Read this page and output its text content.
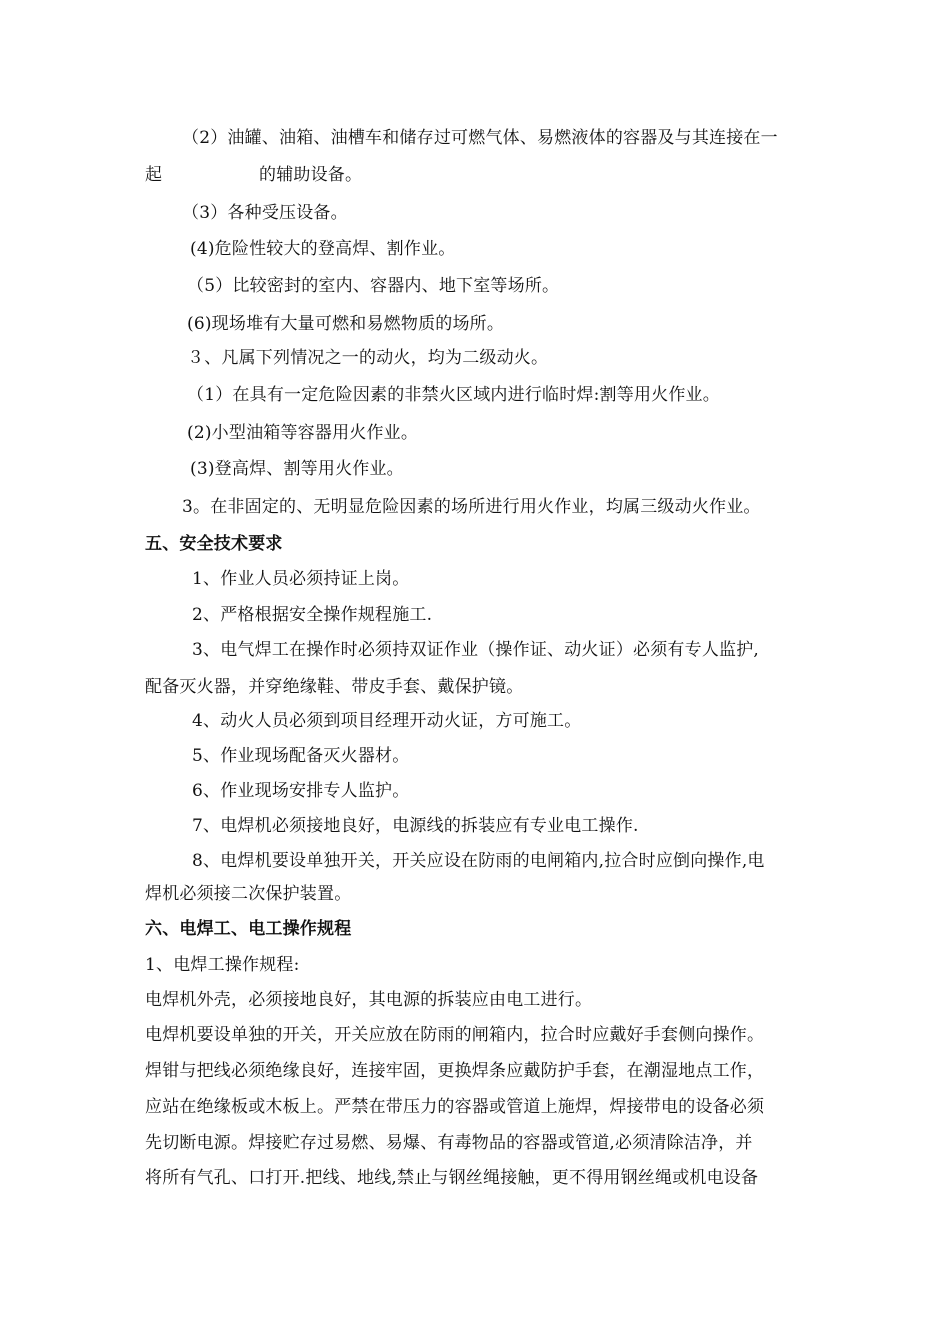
（2）油罐、油箱、油槽车和储存过可燃气体、易燃液体的容器及与其连接在一
起	的辅助设备。
（3）各种受压设备。
(4)危险性较大的登高焊、割作业。
（5）比较密封的室内、容器内、地下室等场所。
(6)现场堆有大量可燃和易燃物质的场所。
３、凡属下列情况之一的动火，均为二级动火。
（1）在具有一定危险因素的非禁火区域内进行临时焊:割等用火作业。
(2)小型油箱等容器用火作业。
(3)登高焊、割等用火作业。
3。在非固定的、无明显危险因素的场所进行用火作业，均属三级动火作业。
五、安全技术要求
1、作业人员必须持证上岗。
2、严格根据安全操作规程施工.
3、电气焊工在操作时必须持双证作业（操作证、动火证）必须有专人监护,
配备灭火器，并穿绝缘鞋、带皮手套、戴保护镜。
4、动火人员必须到项目经理开动火证，方可施工。
5、作业现场配备灭火器材。
6、作业现场安排专人监护。
7、电焊机必须接地良好，电源线的拆装应有专业电工操作.
8、电焊机要设单独开关，开关应设在防雨的电闸箱内,拉合时应倒向操作,电
焊机必须接二次保护装置。
六、电焊工、电工操作规程
1、电焊工操作规程:
电焊机外壳，必须接地良好，其电源的拆装应由电工进行。
电焊机要设单独的开关，开关应放在防雨的闸箱内，拉合时应戴好手套侧向操作。
焊钳与把线必须绝缘良好，连接牢固，更换焊条应戴防护手套，在潮湿地点工作，
应站在绝缘板或木板上。严禁在带压力的容器或管道上施焊，焊接带电的设备必须
先切断电源。焊接贮存过易燃、易爆、有毒物品的容器或管道,必须清除洁净，并
将所有气孔、口打开.把线、地线,禁止与钢丝绳接触，更不得用钢丝绳或机电设备
